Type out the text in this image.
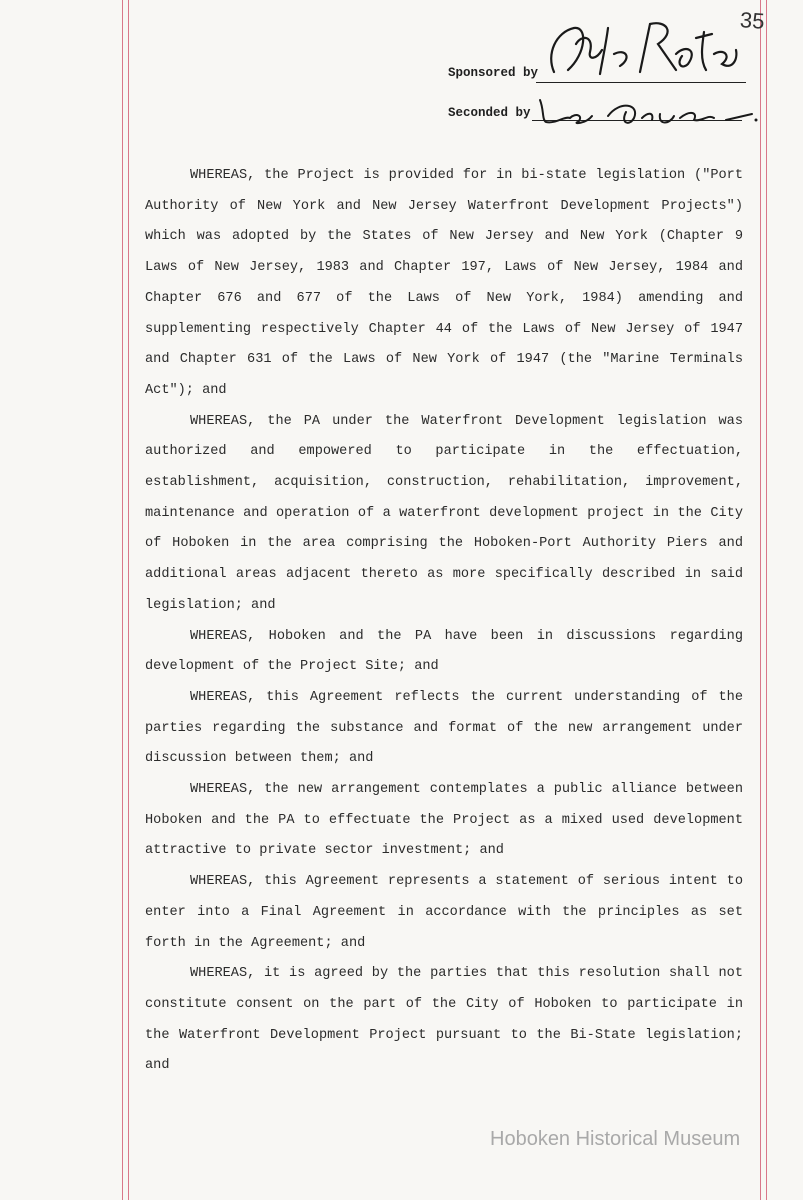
35
Sponsored by
Seconded by

WHEREAS, the Project is provided for in bi-state legislation ("Port Authority of New York and New Jersey Waterfront Development Projects") which was adopted by the States of New Jersey and New York (Chapter 9 Laws of New Jersey, 1983 and Chapter 197, Laws of New Jersey, 1984 and Chapter 676 and 677 of the Laws of New York, 1984) amending and supplementing respectively Chapter 44 of the Laws of New Jersey of 1947 and Chapter 631 of the Laws of New York of 1947 (the "Marine Terminals Act"); and

WHEREAS, the PA under the Waterfront Development legislation was authorized and empowered to participate in the effectuation, establishment, acquisition, construction, rehabilitation, improvement, maintenance and operation of a waterfront development project in the City of Hoboken in the area comprising the Hoboken-Port Authority Piers and additional areas adjacent thereto as more specifically described in said legislation; and

WHEREAS, Hoboken and the PA have been in discussions regarding development of the Project Site; and

WHEREAS, this Agreement reflects the current understanding of the parties regarding the substance and format of the new arrangement under discussion between them; and

WHEREAS, the new arrangement contemplates a public alliance between Hoboken and the PA to effectuate the Project as a mixed used development attractive to private sector investment; and

WHEREAS, this Agreement represents a statement of serious intent to enter into a Final Agreement in accordance with the principles as set forth in the Agreement; and

WHEREAS, it is agreed by the parties that this resolution shall not constitute consent on the part of the City of Hoboken to participate in the Waterfront Development Project pursuant to the Bi-State legislation; and

Hoboken Historical Museum
